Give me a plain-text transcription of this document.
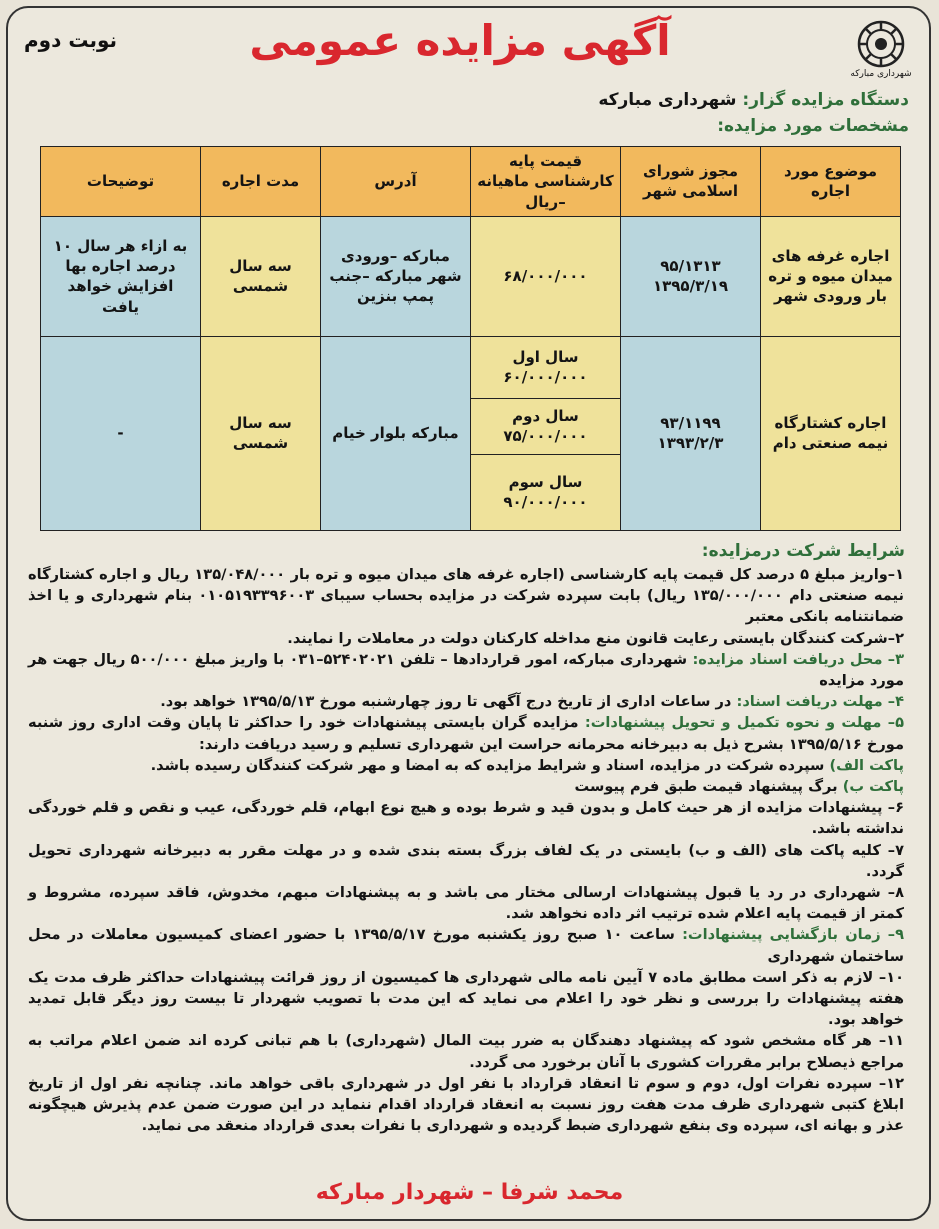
نوبت دوم	آگهی مزایده عمومی
شهرداری مبارکه
دستگاه مزایده گزار: شهرداری مبارکه
مشخصات مورد مزایده:
موضوع مورد اجاره	مجوز شورای اسلامی شهر	قیمت پایه کارشناسی ماهیانه –ریال	آدرس	مدت اجاره	توضیحات
اجاره غرفه های میدان میوه و تره بار ورودی شهر	۹۵/۱۳۱۳ ۱۳۹۵/۳/۱۹	۶۸/۰۰۰/۰۰۰	مبارکه –ورودی شهر مبارکه –جنب پمپ بنزین	سه سال شمسی	به ازاء هر سال ۱۰ درصد اجاره بها افزایش خواهد یافت
اجاره کشتارگاه نیمه صنعتی دام	۹۳/۱۱۹۹ ۱۳۹۳/۲/۳	سال اول ۶۰/۰۰۰/۰۰۰	مبارکه بلوار خیام	سه سال شمسی	-
		سال دوم ۷۵/۰۰۰/۰۰۰			
		سال سوم ۹۰/۰۰۰/۰۰۰			
شرایط شرکت درمزایده:

۱–واریز مبلغ ۵ درصد کل قیمت پایه کارشناسی (اجاره غرفه های میدان میوه و تره بار ۱۳۵/۰۴۸/۰۰۰ ریال و اجاره کشتارگاه نیمه صنعتی دام ۱۳۵/۰۰۰/۰۰۰ ریال) بابت سپرده شرکت در مزایده بحساب سیبای ۰۱۰۵۱۹۳۳۹۶۰۰۳ بنام شهرداری و یا اخذ ضمانتنامه بانکی معتبر

۲–شرکت کنندگان بایستی رعایت قانون منع مداخله کارکنان دولت در معاملات را نمایند.

۳– محل دریافت اسناد مزایده: شهرداری مبارکه، امور قراردادها – تلفن ۵۲۴۰۲۰۲۱–۰۳۱ با واریز مبلغ ۵۰۰/۰۰۰ ریال جهت هر مورد مزایده

۴– مهلت دریافت اسناد: در ساعات اداری از تاریخ درج آگهی تا روز چهارشنبه مورخ ۱۳۹۵/۵/۱۳ خواهد بود.

۵– مهلت و نحوه تکمیل و تحویل پیشنهادات: مزایده گران بایستی پیشنهادات خود را حداکثر تا پایان وقت اداری روز شنبه مورخ ۱۳۹۵/۵/۱۶ بشرح ذیل به دبیرخانه محرمانه حراست این شهرداری تسلیم و رسید دریافت دارند:

پاکت الف) سپرده شرکت در مزایده، اسناد و شرایط مزایده که به امضا و مهر شرکت کنندگان رسیده باشد.

پاکت ب) برگ پیشنهاد قیمت طبق فرم پیوست

۶– پیشنهادات مزایده از هر حیث کامل و بدون قید و شرط بوده و هیچ نوع ابهام، قلم خوردگی، عیب و نقص و قلم خوردگی نداشته باشد.

۷– کلیه پاکت های (الف و ب) بایستی در یک لفاف بزرگ بسته بندی شده و در مهلت مقرر به دبیرخانه شهرداری تحویل گردد.

۸– شهرداری در رد یا قبول پیشنهادات ارسالی مختار می باشد و به پیشنهادات مبهم، مخدوش، فاقد سپرده، مشروط و کمتر از قیمت پایه اعلام شده ترتیب اثر داده نخواهد شد.

۹– زمان بازگشایی پیشنهادات: ساعت ۱۰ صبح روز یکشنبه مورخ ۱۳۹۵/۵/۱۷ با حضور اعضای کمیسیون معاملات در محل ساختمان شهرداری

۱۰– لازم به ذکر است مطابق ماده ۷ آیین نامه مالی شهرداری ها کمیسیون از روز قرائت پیشنهادات حداکثر ظرف مدت یک هفته پیشنهادات را بررسی و نظر خود را اعلام می نماید که این مدت با تصویب شهردار تا بیست روز دیگر قابل تمدید خواهد بود.

۱۱– هر گاه مشخص شود که پیشنهاد دهندگان به ضرر بیت المال (شهرداری) با هم تبانی کرده اند ضمن اعلام مراتب به مراجع ذیصلاح برابر مقررات کشوری با آنان برخورد می گردد.

۱۲– سپرده نفرات اول، دوم و سوم تا انعقاد قرارداد با نفر اول در شهرداری باقی خواهد ماند. چنانچه نفر اول از تاریخ ابلاغ کتبی شهرداری ظرف مدت هفت روز نسبت به انعقاد قرارداد اقدام ننماید در این صورت ضمن عدم پذیرش هیچگونه عذر و بهانه ای، سپرده وی بنفع شهرداری ضبط گردیده و شهرداری با نفرات بعدی قرارداد منعقد می نماید.

محمد شرفا – شهردار مبارکه
